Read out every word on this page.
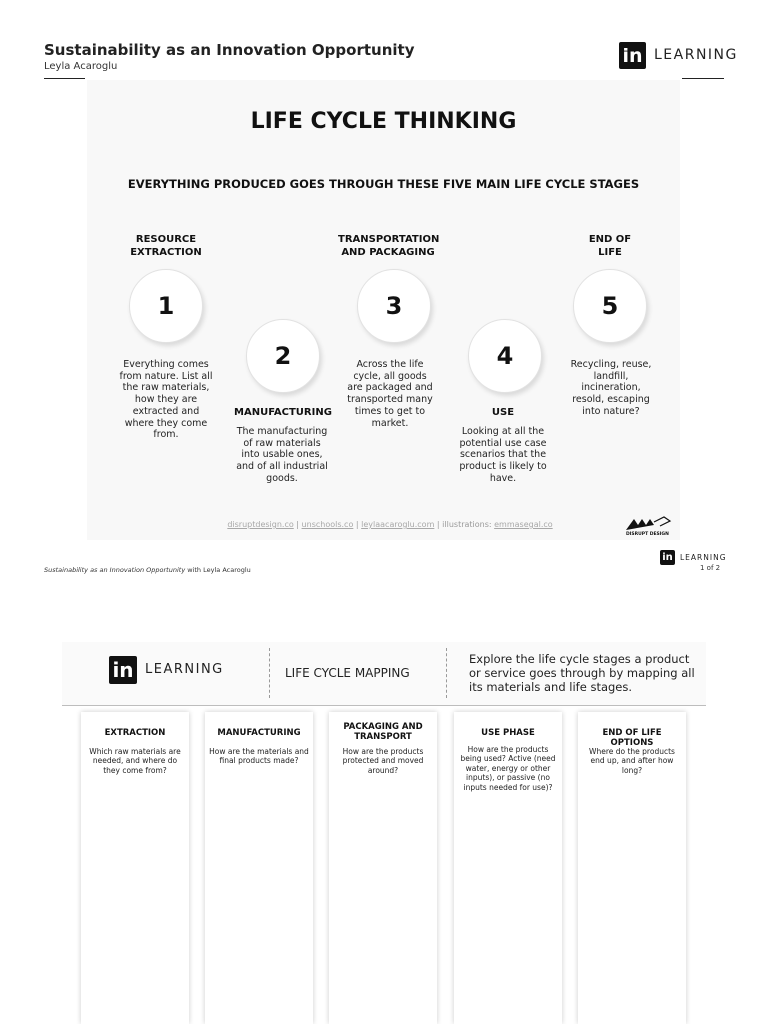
Sustainability as an Innovation Opportunity
Leyla Acaroglu	in LEARNING
LIFE CYCLE THINKING
EVERYTHING PRODUCED GOES THROUGH THESE FIVE MAIN LIFE CYCLE STAGES
RESOURCE EXTRACTION
1
Everything comes from nature. List all the raw materials, how they are extracted and where they come from.
2
MANUFACTURING
The manufacturing of raw materials into usable ones, and of all industrial goods.
TRANSPORTATION AND PACKAGING
3
Across the life cycle, all goods are packaged and transported many times to get to market.
4
USE
Looking at all the potential use case scenarios that the product is likely to have.
END OF LIFE
5
Recycling, reuse, landfill, incineration, resold, escaping into nature?
disruptdesign.co | unschools.co | leylaacaroglu.com | illustrations: emmasegal.co
DISRUPT DESIGN
Sustainability as an Innovation Opportunity with Leyla Acaroglu
in LEARNING
1 of 2
in LEARNING	LIFE CYCLE MAPPING
Explore the life cycle stages a product or service goes through by mapping all its materials and life stages.
EXTRACTION
Which raw materials are needed, and where do they come from?
MANUFACTURING
How are the materials and final products made?
PACKAGING AND TRANSPORT
How are the products protected and moved around?
USE PHASE
How are the products being used? Active (need water, energy or other inputs), or passive (no inputs needed for use)?
END OF LIFE OPTIONS
Where do the products end up, and after how long?
